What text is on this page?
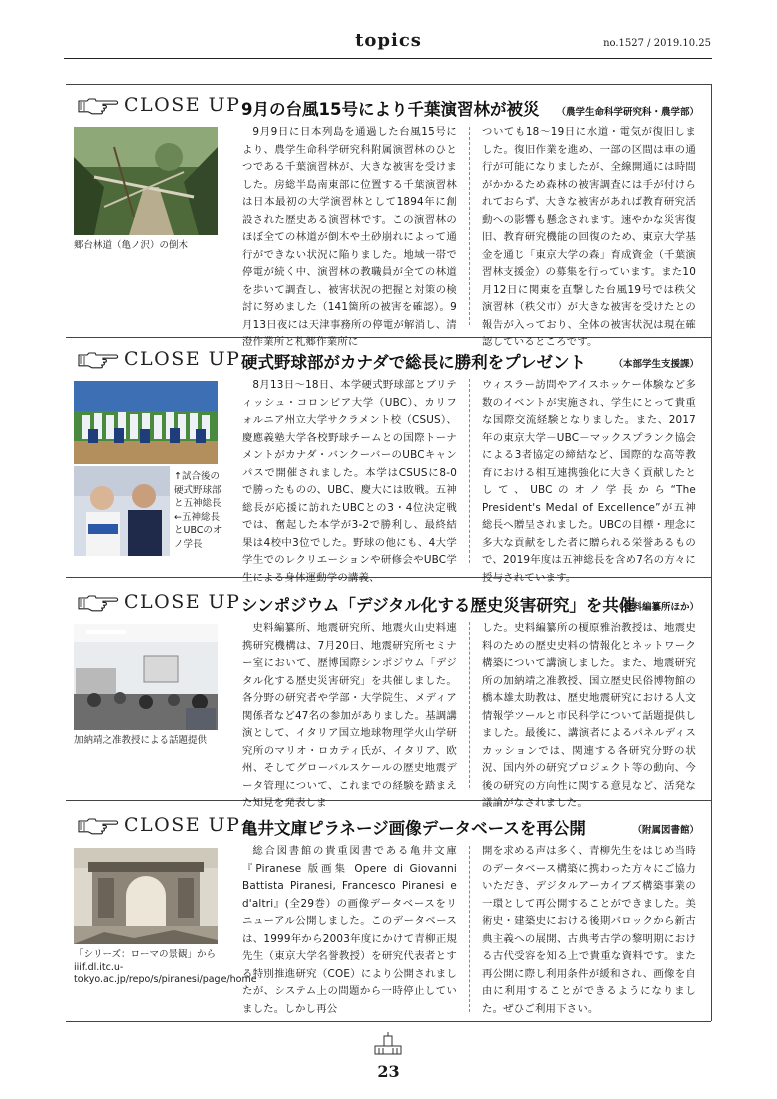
topics	no.1527 / 2019.10.25
CLOSE UP 9月の台風15号により千葉演習林が被災 （農学生命科学研究科・農学部）
郷台林道（亀ノ沢）の倒木
9月9日に日本列島を通過した台風15号により、農学生命科学研究科附属演習林のひとつである千葉演習林が、大きな被害を受けました。房総半島南東部に位置する千葉演習林は日本最初の大学演習林として1894年に創設された歴史ある演習林です。この演習林のほぼ全ての林道が倒木や土砂崩れによって通行ができない状況に陥りました。地域一帯で停電が続く中、演習林の教職員が全ての林道を歩いて調査し、被害状況の把握と対策の検討に努めました（141箇所の被害を確認）。9月13日夜には天津事務所の停電が解消し、清澄作業所と札郷作業所に
ついても18～19日に水道・電気が復旧しました。復旧作業を進め、一部の区間は車の通行が可能になりましたが、全線開通には時間がかかるため森林の被害調査には手が付けられておらず、大きな被害があれば教育研究活動への影響も懸念されます。速やかな災害復旧、教育研究機能の回復のため、東京大学基金を通じ「東京大学の森」育成資金（千葉演習林支援金）の募集を行っています。また10月12日に関東を直撃した台風19号では秩父演習林（秩父市）が大きな被害を受けたとの報告が入っており、全体の被害状況は現在確認しているところです。
CLOSE UP 硬式野球部がカナダで総長に勝利をプレゼント	（本部学生支援課）
↑試合後の硬式野球部と五神総長 ←五神総長とUBCのオノ学長
8月13日～18日、本学硬式野球部とブリティッシュ・コロンビア大学（UBC）、カリフォルニア州立大学サクラメント校（CSUS）、慶應義塾大学各校野球チームとの国際トーナメントがカナダ・バンクーバーのUBCキャンパスで開催されました。本学はCSUSに8-0で勝ったものの、UBC、慶大には敗戦。五神総長が応援に訪れたUBCとの3・4位決定戦では、奮起した本学が3-2で勝利し、最終結果は4校中3位でした。野球の他にも、4大学学生でのレクリエーションや研修会やUBC学生による身体運動学の講義、
ウィスラー訪問やアイスホッケー体験など多数のイベントが実施され、学生にとって貴重な国際交流経験となりました。また、2017年の東京大学－UBC－マックスプランク協会による3者協定の締結など、国際的な高等教育における相互連携強化に大きく貢献したとして、UBCのオノ学長から“The President's Medal of Excellence”が五神総長へ贈呈されました。UBCの目標・理念に多大な貢献をした者に贈られる栄誉あるもので、2019年度は五神総長を含め7名の方々に授与されています。
CLOSE UP シンポジウム「デジタル化する歴史災害研究」を共催
（史料編纂所ほか）
加納靖之准教授による話題提供
史料編纂所、地震研究所、地震火山史料連携研究機構は、7月20日、地震研究所セミナー室において、歴博国際シンポジウム「デジタル化する歴史災害研究」を共催しました。各分野の研究者や学部・大学院生、メディア関係者など47名の参加がありました。基調講演として、イタリア国立地球物理学火山学研究所のマリオ・ロカティ氏が、イタリア、欧州、そしてグローバルスケールの歴史地震データ管理について、これまでの経験を踏まえた知見を発表しま
した。史料編纂所の榎原雅治教授は、地震史料のための歴史史料の情報化とネットワーク構築について講演しました。また、地震研究所の加納靖之准教授、国立歴史民俗博物館の橋本雄太助教は、歴史地震研究における人文情報学ツールと市民科学について話題提供しました。最後に、講演者によるパネルディスカッションでは、関連する各研究分野の状況、国内外の研究プロジェクト等の動向、今後の研究の方向性に関する意見など、活発な議論がなされました。
CLOSE UP 亀井文庫ピラネージ画像データベースを再公開	（附属図書館）
「シリーズ：ローマの景観」から iiif.dl.itc.u-tokyo.ac.jp/repo/s/piranesi/page/home
総合図書館の貴重図書である亀井文庫『Piranese 版画集 Opere di Giovanni Battista Piranesi, Francesco Piranesi e d'altri』(全29巻）の画像データベースをリニューアル公開しました。このデータベースは、1999年から2003年度にかけて青柳正規先生（東京大学名誉教授）を研究代表者とする特別推進研究（COE）により公開されましたが、システム上の問題から一時停止していました。しかし再公
開を求める声は多く、青柳先生をはじめ当時のデータベース構築に携わった方々にご協力いただき、デジタルアーカイブズ構築事業の一環として再公開することができました。美術史・建築史における後期バロックから新古典主義への展開、古典考古学の黎明期における古代受容を知る上で貴重な資料です。また再公開に際し利用条件が緩和され、画像を自由に利用することができるようになりました。ぜひご利用下さい。
23
